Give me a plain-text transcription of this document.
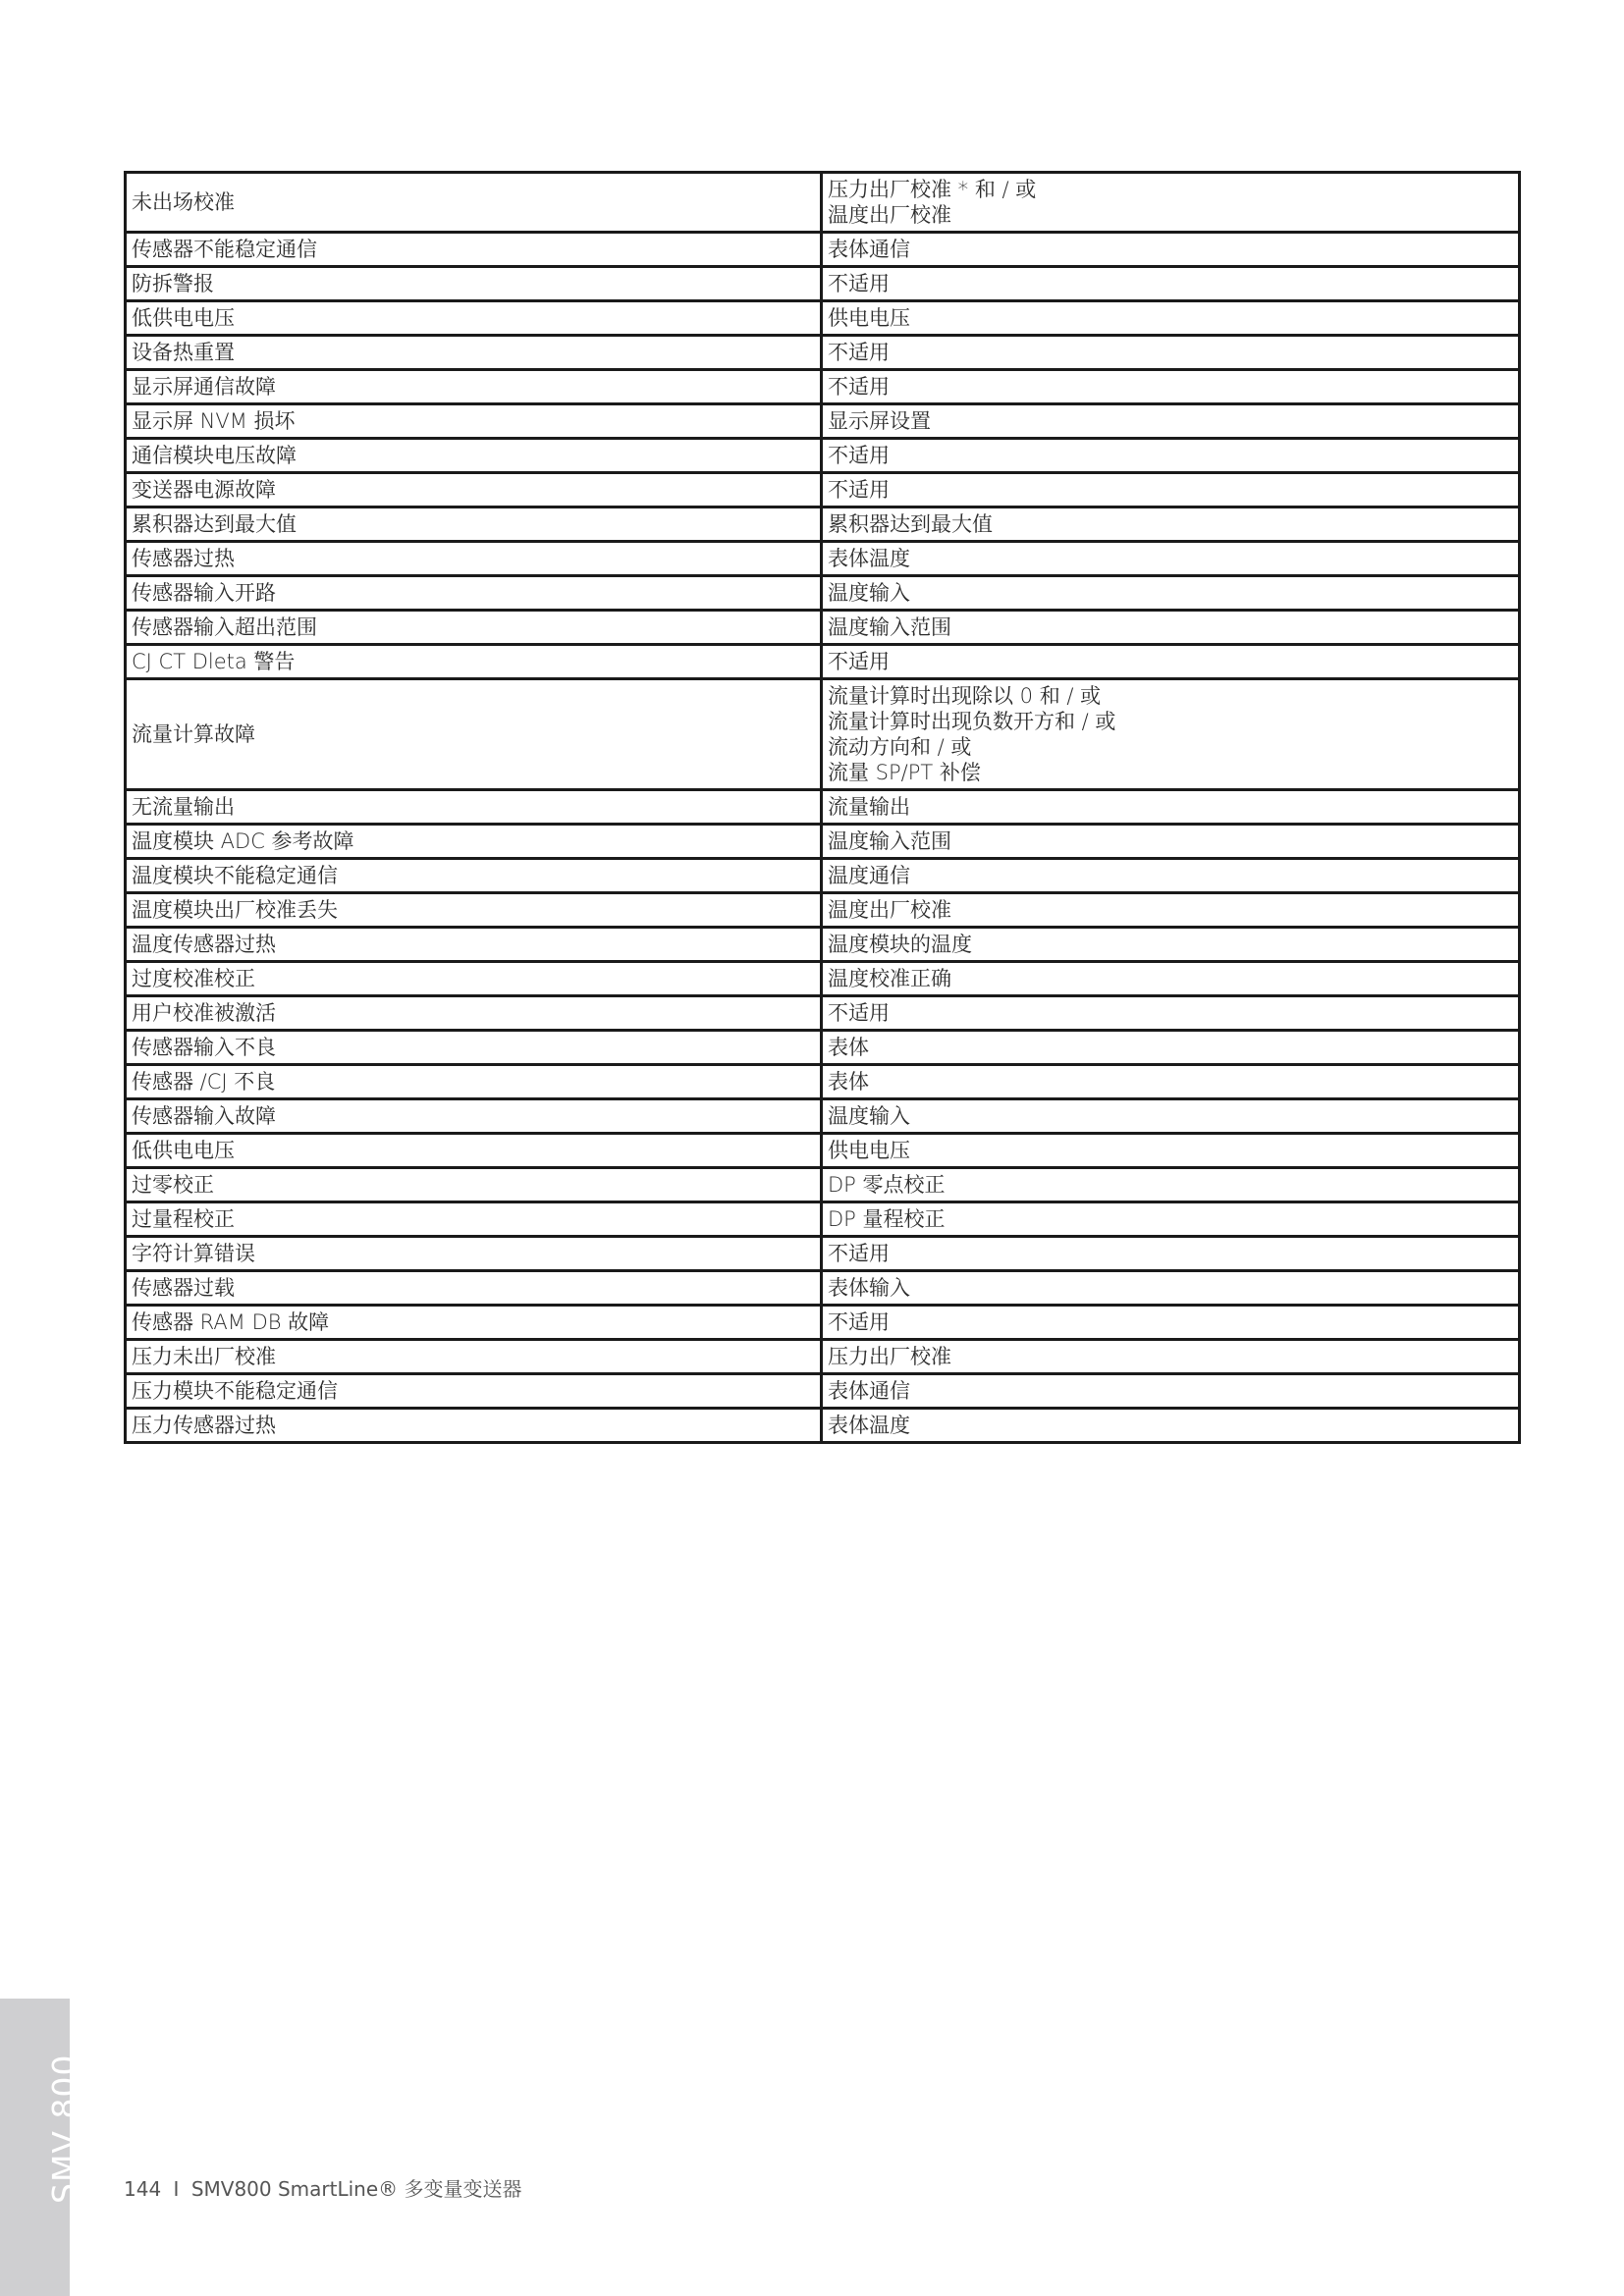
未出场校准	压力出厂校准 * 和 / 或
温度出厂校准

传感器不能稳定通信	表体通信

防拆警报	不适用

低供电电压	供电电压

设备热重置	不适用

显示屏通信故障	不适用

显示屏 NVM 损坏	显示屏设置

通信模块电压故障	不适用

变送器电源故障	不适用

累积器达到最大值	累积器达到最大值

传感器过热	表体温度

传感器输入开路	温度输入

传感器输入超出范围	温度输入范围

CJ CT Dleta 警告	不适用

流量计算故障	流量计算时出现除以 0 和 / 或
流量计算时出现负数开方和 / 或
流动方向和 / 或
流量 SP/PT 补偿

无流量输出	流量输出

温度模块 ADC 参考故障	温度输入范围

温度模块不能稳定通信	温度通信

温度模块出厂校准丢失	温度出厂校准

温度传感器过热	温度模块的温度

过度校准校正	温度校准正确

用户校准被激活	不适用

传感器输入不良	表体

传感器 /CJ 不良	表体

传感器输入故障	温度输入

低供电电压	供电电压

过零校正	DP 零点校正

过量程校正	DP 量程校正

字符计算错误	不适用

传感器过载	表体输入

传感器 RAM DB 故障	不适用

压力未出厂校准	压力出厂校准

压力模块不能稳定通信	表体通信

压力传感器过热	表体温度
SMV 800 144 I SMV800 SmartLine® 多变量变送器
